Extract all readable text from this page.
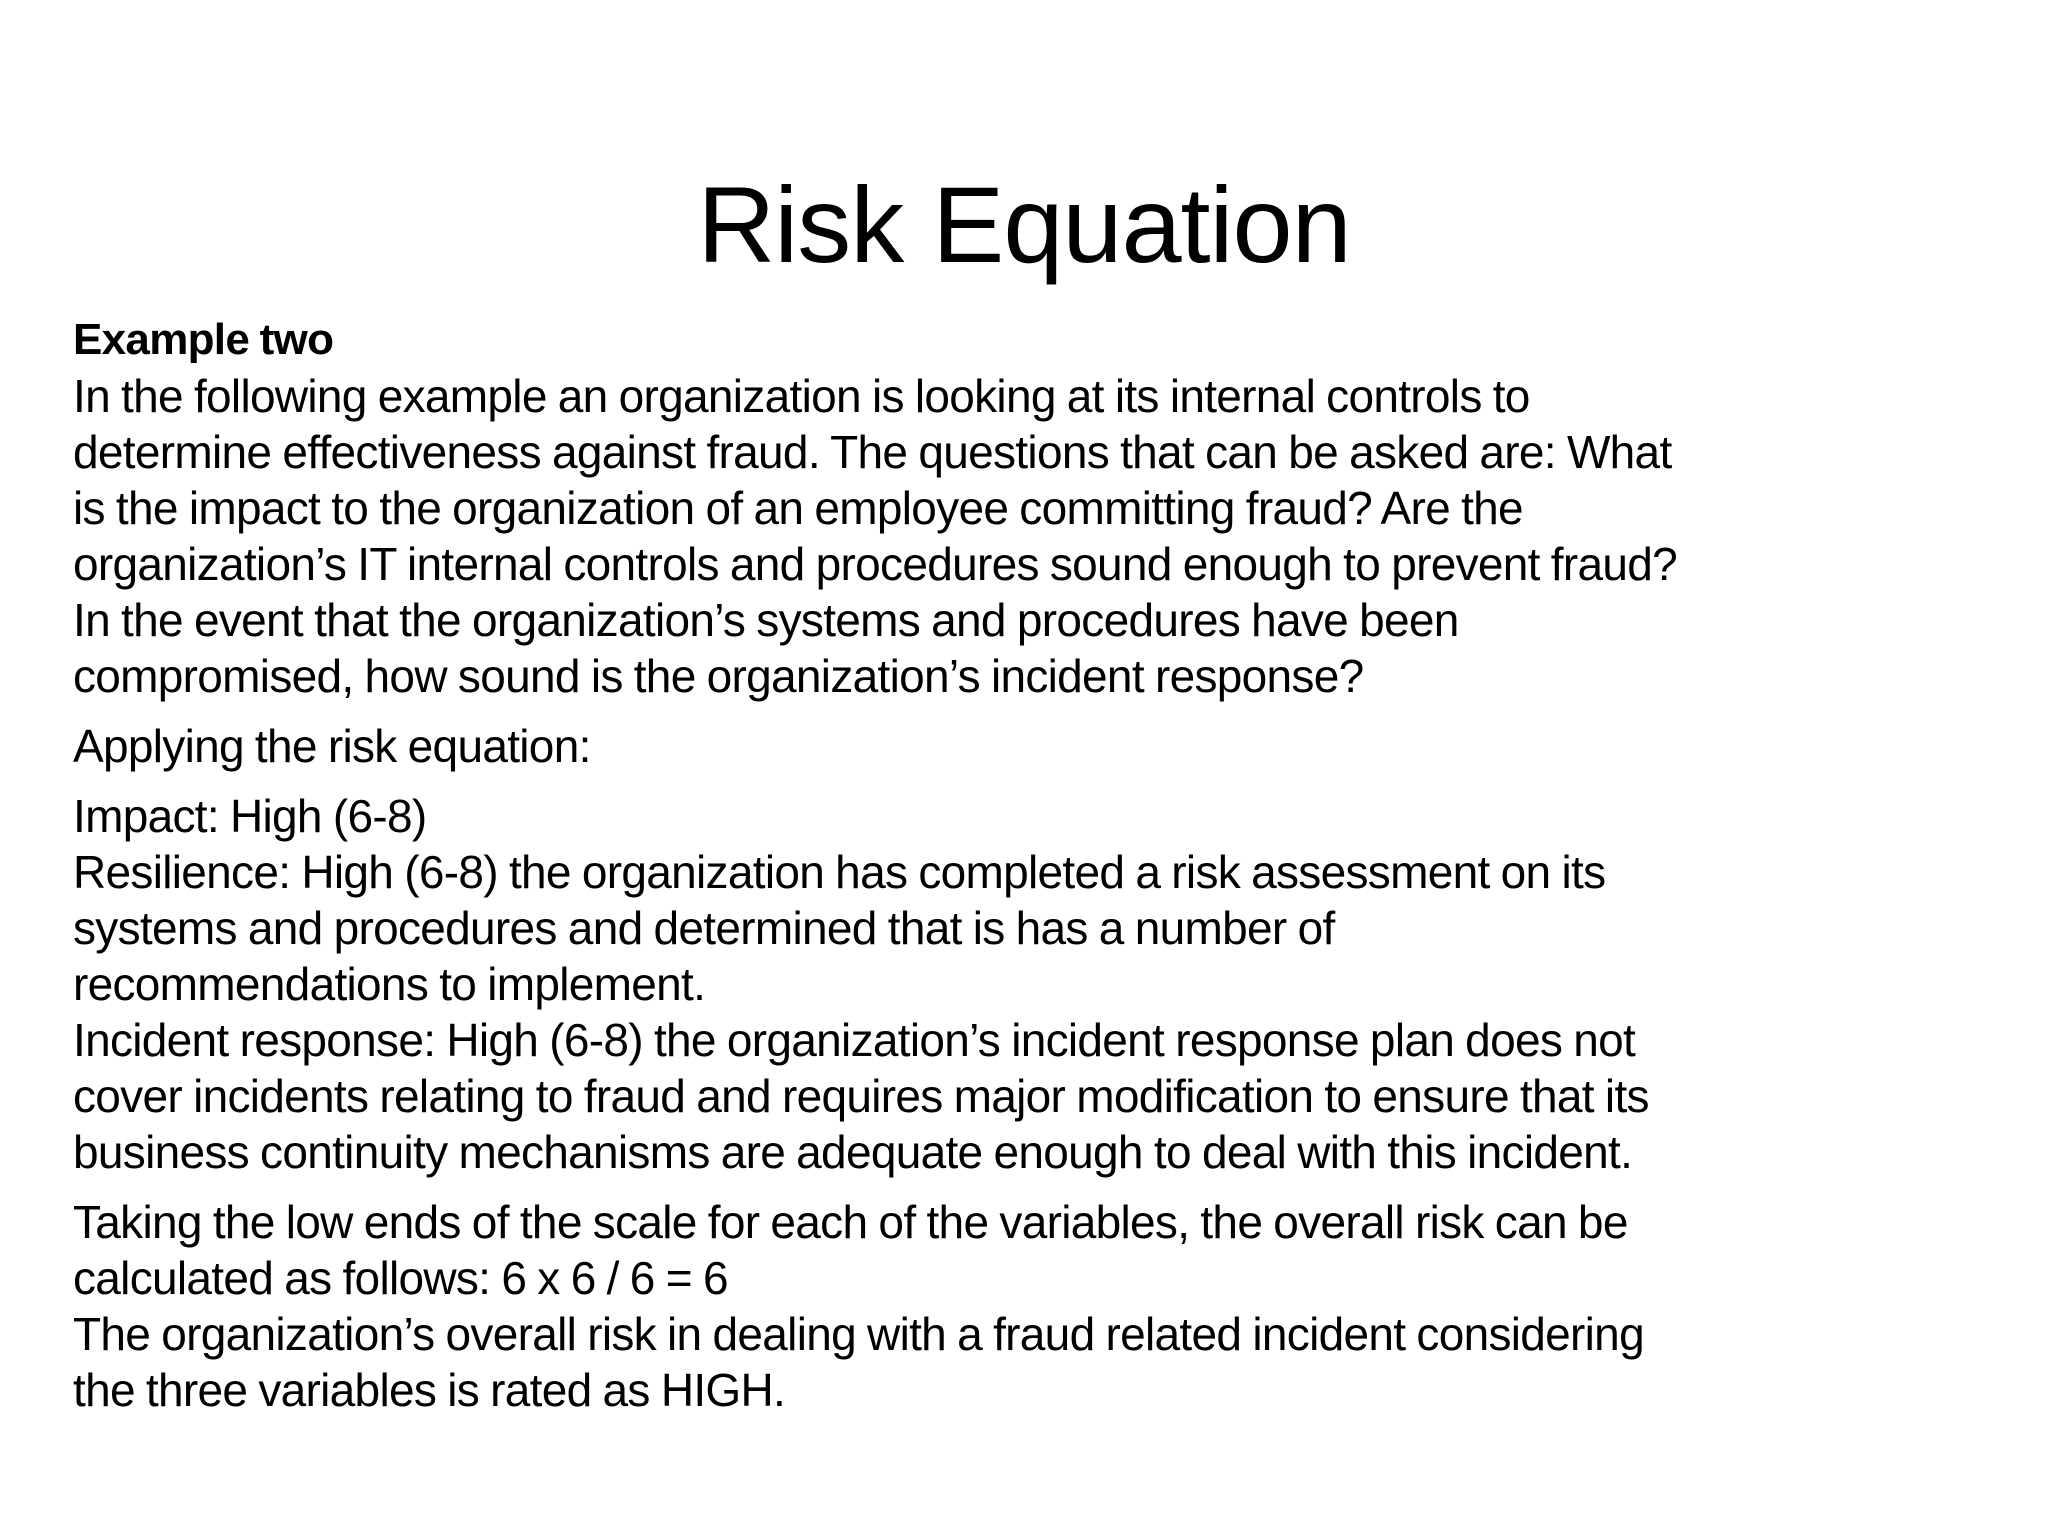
Risk Equation
Example two
In the following example an organization is looking at its internal controls to
determine effectiveness against fraud. The questions that can be asked are: What
is the impact to the organization of an employee committing fraud? Are the
organization’s IT internal controls and procedures sound enough to prevent fraud?
In the event that the organization’s systems and procedures have been
compromised, how sound is the organization’s incident response?
Applying the risk equation:
Impact: High (6-8)
Resilience: High (6-8) the organization has completed a risk assessment on its
systems and procedures and determined that is has a number of
recommendations to implement.
Incident response: High (6-8) the organization’s incident response plan does not
cover incidents relating to fraud and requires major modification to ensure that its
business continuity mechanisms are adequate enough to deal with this incident.
Taking the low ends of the scale for each of the variables, the overall risk can be
calculated as follows: 6 x 6 / 6 = 6
The organization’s overall risk in dealing with a fraud related incident considering
the three variables is rated as HIGH.
